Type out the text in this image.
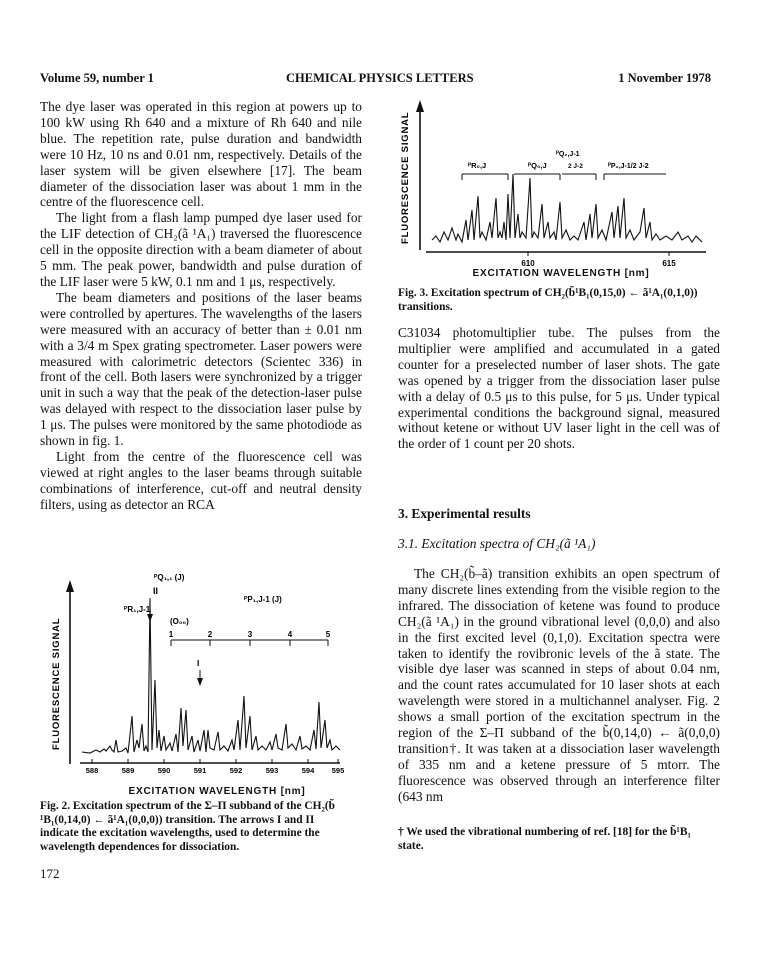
Volume 59, number 1	CHEMICAL PHYSICS LETTERS	1 November 1978

The dye laser was operated in this region at powers up to 100 kW using Rh 640 and a mixture of Rh 640 and nile blue. The repetition rate, pulse duration and bandwidth were 10 Hz, 10 ns and 0.01 nm, respectively. Details of the laser system will be given elsewhere [17]. The beam diameter of the dissociation laser was about 1 mm in the centre of the fluorescence cell.

The light from a flash lamp pumped dye laser used for the LIF detection of CH₂(ã ¹A₁) traversed the fluorescence cell in the opposite direction with a beam diameter of about 5 mm. The peak power, bandwidth and pulse duration of the LIF laser were 5 kW, 0.1 nm and 1 μs, respectively.

The beam diameters and positions of the laser beams were controlled by apertures. The wavelengths of the lasers were measured with an accuracy of better than ± 0.01 nm with a 3/4 m Spex grating spectrometer. Laser powers were measured with calorimetric detectors (Scientec 336) in front of the cell. Both lasers were synchronized by a trigger unit in such a way that the peak of the detection-laser pulse was delayed with respect to the dissociation laser pulse by 1 μs. The pulses were monitored by the same photodiode as shown in fig. 1.

Light from the centre of the fluorescence cell was viewed at right angles to the laser beams through suitable combinations of interference, cut-off and neutral density filters, using as detector an RCA

FLUORESCENCE SIGNAL
588	589	590	591	592	593	594 595
ᴾQ₁,₁ (J)
II
ᴾR₁,J-1
(O₀₀)
ᴾP₁,J-1 (J)
1	2	3	4	5
I
EXCITATION WAVELENGTH [nm]
Fig. 2. Excitation spectrum of the Σ–Π subband of the CH₂(b̃ ¹B₁(0,14,0) ← ã¹A₁(0,0,0)) transition. The arrows I and II indicate the excitation wavelengths, used to determine the wavelength dependences for dissociation.
FLUORESCENCE SIGNAL
610	615
ᴾR₀,J	ᴾQ₀,J
ᴾQ₂,J-1
2 J-2	ᴾP₂,J-1/2 J-2
EXCITATION WAVELENGTH [nm]
Fig. 3. Excitation spectrum of CH₂(b̃¹B₁(0,15,0) ← ã¹A₁(0,1,0)) transitions.

C31034 photomultiplier tube. The pulses from the multiplier were amplified and accumulated in a gated counter for a preselected number of laser shots. The gate was opened by a trigger from the dissociation laser pulse with a delay of 0.5 μs to this pulse, for 5 μs. Under typical experimental conditions the background signal, measured without ketene or without UV laser light in the cell was of the order of 1 count per 20 shots.

3. Experimental results
3.1. Excitation spectra of CH₂(ã ¹A₁)

The CH₂(b̃–ã) transition exhibits an open spectrum of many discrete lines extending from the visible region to the infrared. The dissociation of ketene was found to produce CH₂(ã ¹A₁) in the ground vibrational level (0,0,0) and also in the first excited level (0,1,0). Excitation spectra were taken to identify the rovibronic levels of the ã state. The visible dye laser was scanned in steps of about 0.04 nm, and the count rates accumulated for 10 laser shots at each wavelength were stored in a multichannel analyser. Fig. 2 shows a small portion of the excitation spectrum in the region of the Σ–Π subband of the b̃(0,14,0) ← ã(0,0,0) transition†. It was taken at a dissociation laser wavelength of 335 nm and a ketene pressure of 5 mtorr. The fluorescence was observed through an interference filter (643 nm

† We used the vibrational numbering of ref. [18] for the b̃¹B₁ state.
172
